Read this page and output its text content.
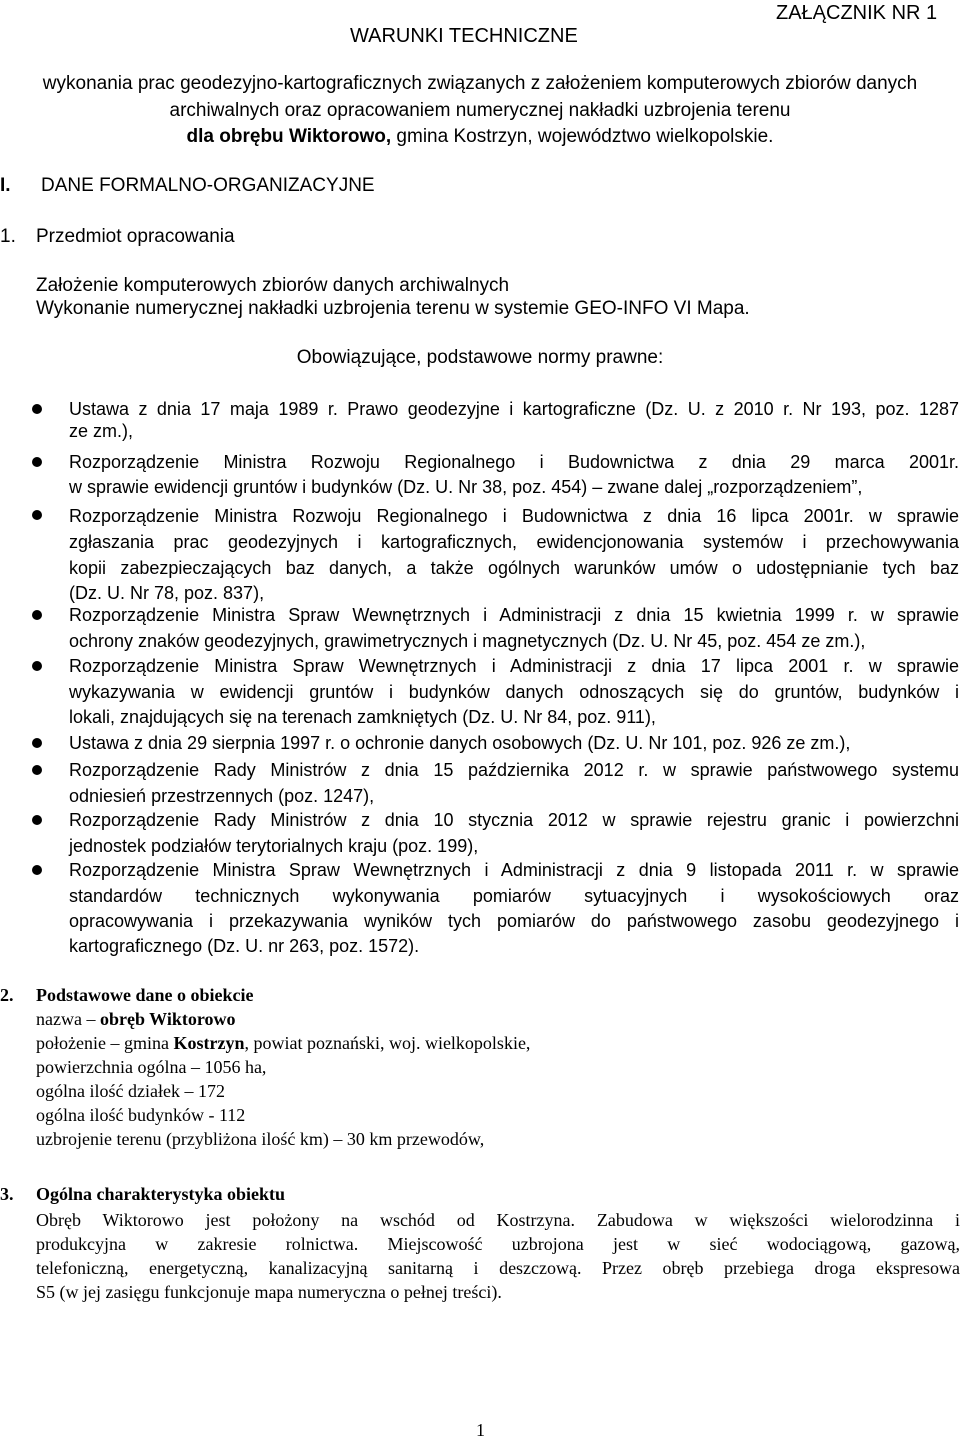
ZAŁĄCZNIK NR 1
WARUNKI TECHNICZNE
wykonania prac geodezyjno-kartograficznych związanych z założeniem komputerowych zbiorów danych
archiwalnych oraz opracowaniem numerycznej nakładki uzbrojenia terenu
dla obrębu Wiktorowo, gmina Kostrzyn, województwo wielkopolskie.
I. DANE FORMALNO-ORGANIZACYJNE
1. Przedmiot opracowania
Założenie komputerowych zbiorów danych archiwalnych
Wykonanie numerycznej nakładki uzbrojenia terenu w systemie GEO-INFO VI Mapa.
Obowiązujące, podstawowe normy prawne:
Ustawa z dnia 17 maja 1989 r. Prawo geodezyjne i kartograficzne (Dz. U. z 2010 r. Nr 193, poz. 1287
ze zm.),
Rozporządzenie Ministra Rozwoju Regionalnego i Budownictwa z dnia 29 marca 2001r.
w sprawie ewidencji gruntów i budynków (Dz. U. Nr 38, poz. 454) – zwane dalej „rozporządzeniem”,
Rozporządzenie Ministra Rozwoju Regionalnego i Budownictwa z dnia 16 lipca 2001r. w sprawie
zgłaszania prac geodezyjnych i kartograficznych, ewidencjonowania systemów i przechowywania
kopii zabezpieczających baz danych, a także ogólnych warunków umów o udostępnianie tych baz
(Dz. U. Nr 78, poz. 837),
Rozporządzenie Ministra Spraw Wewnętrznych i Administracji z dnia 15 kwietnia 1999 r. w sprawie
ochrony znaków geodezyjnych, grawimetrycznych i magnetycznych (Dz. U. Nr 45, poz. 454 ze zm.),
Rozporządzenie Ministra Spraw Wewnętrznych i Administracji z dnia 17 lipca 2001 r. w sprawie
wykazywania w ewidencji gruntów i budynków danych odnoszących się do gruntów, budynków i
lokali, znajdujących się na terenach zamkniętych (Dz. U. Nr 84, poz. 911),
Ustawa z dnia 29 sierpnia 1997 r. o ochronie danych osobowych (Dz. U. Nr 101, poz. 926 ze zm.),
Rozporządzenie Rady Ministrów z dnia 15 października 2012 r. w sprawie państwowego systemu
odniesień przestrzennych (poz. 1247),
Rozporządzenie Rady Ministrów z dnia 10 stycznia 2012 w sprawie rejestru granic i powierzchni
jednostek podziałów terytorialnych kraju (poz. 199),
Rozporządzenie Ministra Spraw Wewnętrznych i Administracji z dnia 9 listopada 2011 r. w sprawie
standardów technicznych wykonywania pomiarów sytuacyjnych i wysokościowych oraz
opracowywania i przekazywania wyników tych pomiarów do państwowego zasobu geodezyjnego i
kartograficznego (Dz. U. nr 263, poz. 1572).
2. Podstawowe dane o obiekcie
nazwa – obręb Wiktorowo
położenie – gmina Kostrzyn, powiat poznański, woj. wielkopolskie,
powierzchnia ogólna – 1056 ha,
ogólna ilość działek – 172
ogólna ilość budynków - 112
uzbrojenie terenu (przybliżona ilość km) – 30 km przewodów,
3. Ogólna charakterystyka obiektu
Obręb Wiktorowo jest położony na wschód od Kostrzyna. Zabudowa w większości wielorodzinna i
produkcyjna w zakresie rolnictwa. Miejscowość uzbrojona jest w sieć wodociągową, gazową,
telefoniczną, energetyczną, kanalizacyjną sanitarną i deszczową. Przez obręb przebiega droga ekspresowa
S5 (w jej zasięgu funkcjonuje mapa numeryczna o pełnej treści).
1
